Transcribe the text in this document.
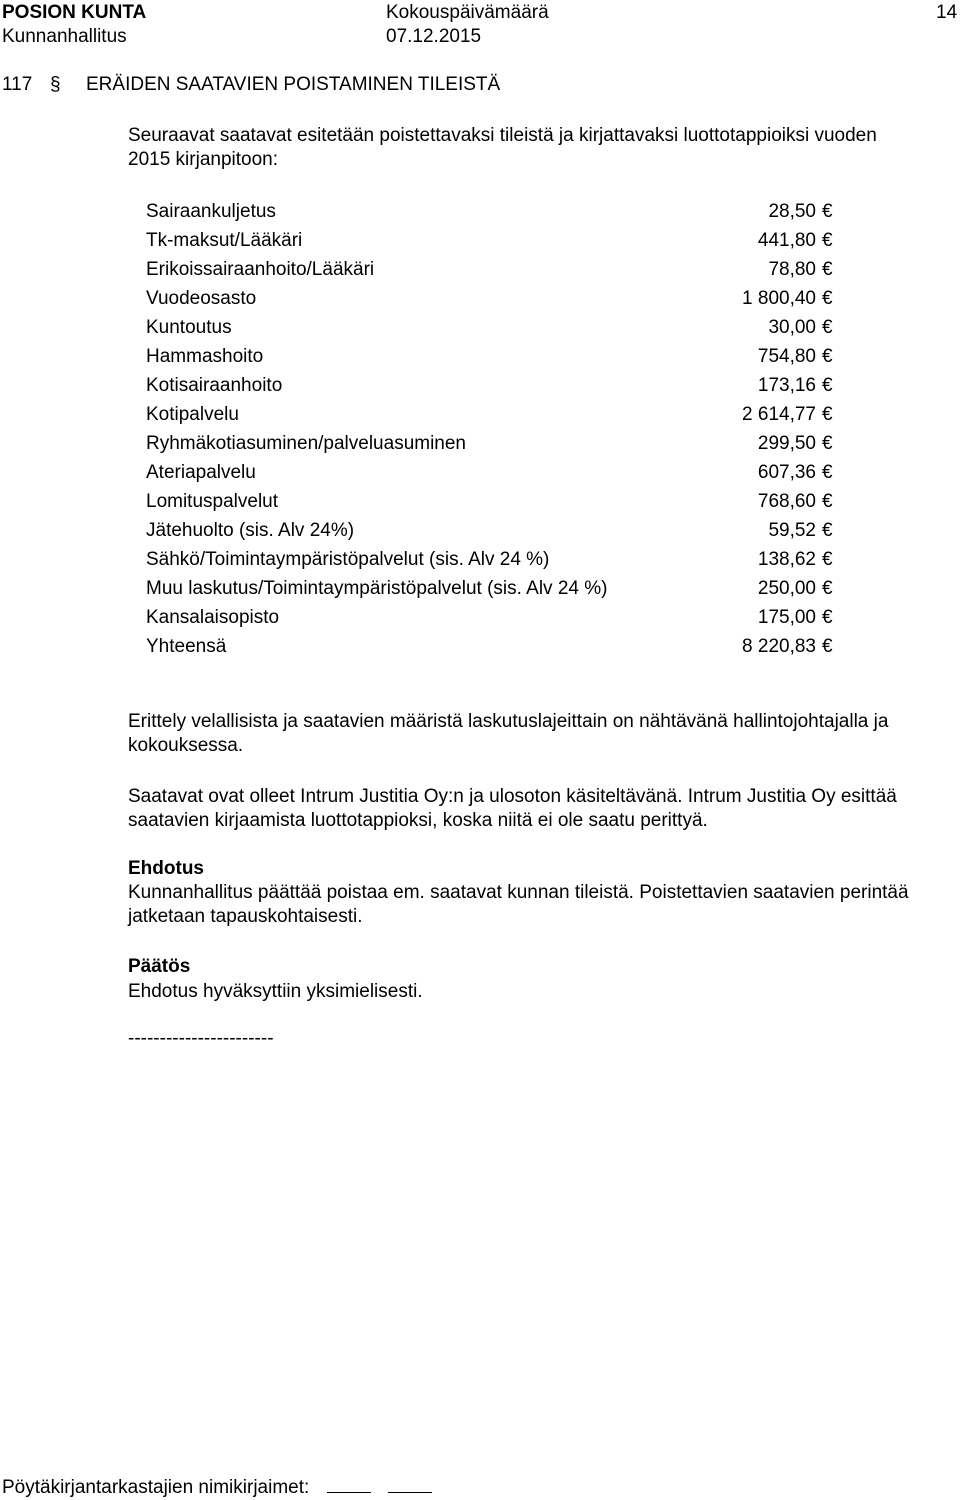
POSION KUNTA
Kunnanhallitus
Kokouspäivämäärä
07.12.2015
14
117 § ERÄIDEN SAATAVIEN POISTAMINEN TILEISTÄ
Seuraavat saatavat esitetään poistettavaksi tileistä ja kirjattavaksi luottotappioiksi vuoden 2015 kirjanpitoon:
Sairaankuljetus	28,50 €
Tk-maksut/Lääkäri	441,80 €
Erikoissairaanhoito/Lääkäri	78,80 €
Vuodeosasto	1 800,40 €
Kuntoutus	30,00 €
Hammashoito	754,80 €
Kotisairaanhoito	173,16 €
Kotipalvelu	2 614,77 €
Ryhmäkotiasuminen/palveluasuminen	299,50 €
Ateriapalvelu	607,36 €
Lomituspalvelut	768,60 €
Jätehuolto (sis. Alv 24%)	59,52 €
Sähkö/Toimintaympäristöpalvelut (sis. Alv 24 %)	138,62 €
Muu laskutus/Toimintaympäristöpalvelut (sis. Alv 24 %)	250,00 €
Kansalaisopisto	175,00 €
Yhteensä	8 220,83 €
Erittely velallisista ja saatavien määristä laskutuslajeittain on nähtävänä hallintojohtajalla ja kokouksessa.
Saatavat ovat olleet Intrum Justitia Oy:n ja ulosoton käsiteltävänä. Intrum Justitia Oy esittää saatavien kirjaamista luottotappioksi, koska niitä ei ole saatu perittyä.
Ehdotus
Kunnanhallitus päättää poistaa em. saatavat kunnan tileistä. Poistettavien saatavien perintää jatketaan tapauskohtaisesti.
Päätös
Ehdotus hyväksyttiin yksimielisesti.
-----------------------
Pöytäkirjantarkastajien nimikirjaimet:
